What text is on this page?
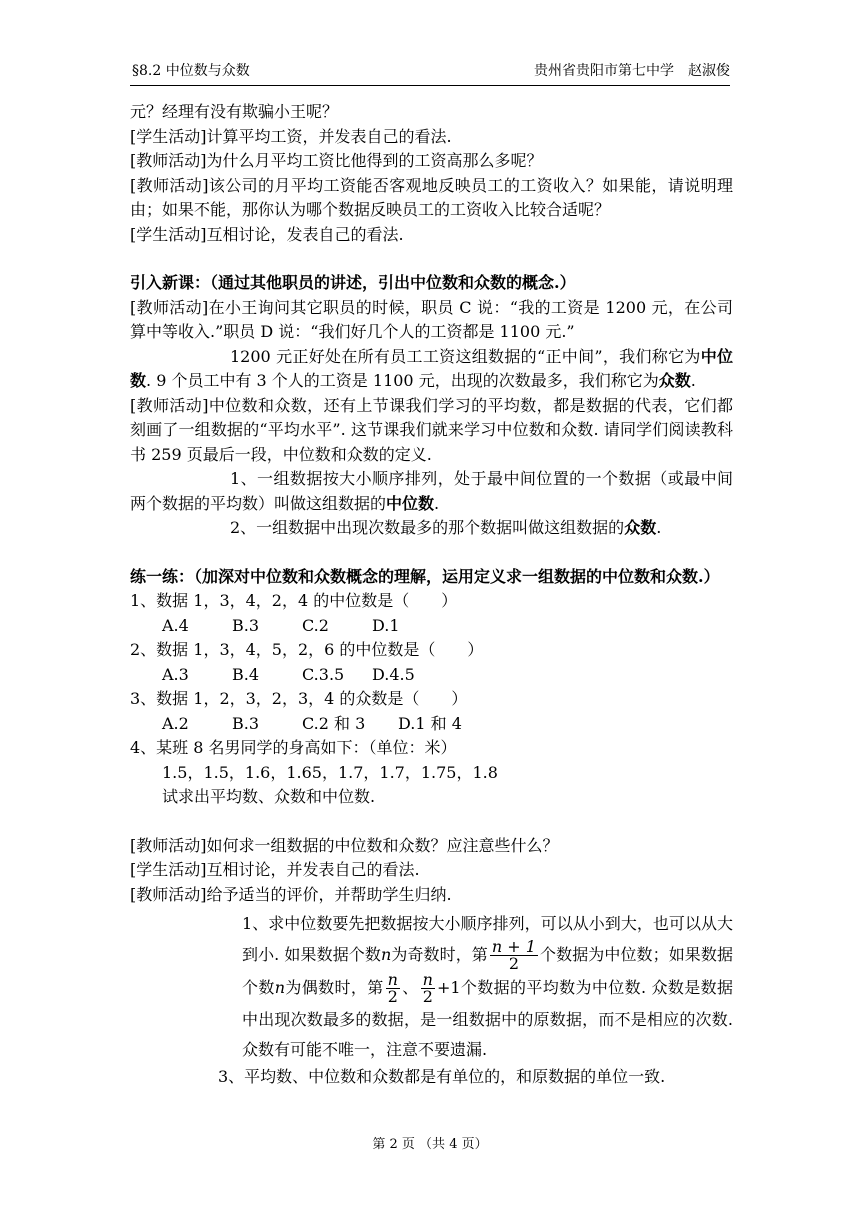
§8.2 中位数与众数	贵州省贵阳市第七中学　赵淑俊

元？经理有没有欺骗小王呢？

[学生活动]计算平均工资，并发表自己的看法.

[教师活动]为什么月平均工资比他得到的工资高那么多呢？

[教师活动]该公司的月平均工资能否客观地反映员工的工资收入？如果能，请说明理由；如果不能，那你认为哪个数据反映员工的工资收入比较合适呢？

[学生活动]互相讨论，发表自己的看法.

引入新课：（通过其他职员的讲述，引出中位数和众数的概念.）

[教师活动]在小王询问其它职员的时候，职员 C 说：“我的工资是 1200 元，在公司算中等收入.”职员 D 说：“我们好几个人的工资都是 1100 元.”

1200 元正好处在所有员工工资这组数据的“正中间”，我们称它为中位数. 9 个员工中有 3 个人的工资是 1100 元，出现的次数最多，我们称它为众数.

[教师活动]中位数和众数，还有上节课我们学习的平均数，都是数据的代表，它们都刻画了一组数据的“平均水平”. 这节课我们就来学习中位数和众数. 请同学们阅读教科书 259 页最后一段，中位数和众数的定义.

1、一组数据按大小顺序排列，处于最中间位置的一个数据（或最中间两个数据的平均数）叫做这组数据的中位数.

2、一组数据中出现次数最多的那个数据叫做这组数据的众数.

练一练：（加深对中位数和众数概念的理解，运用定义求一组数据的中位数和众数.）

1、数据 1，3，4，2，4 的中位数是（　　）

A.4	B.3	C.2	D.1

2、数据 1，3，4，5，2，6 的中位数是（　　）

A.3	B.4	C.3.5 D.4.5

3、数据 1，2，3，2，3，4 的众数是（　　）

A.2	B.3	C.2 和 3 D.1 和 4

4、某班 8 名男同学的身高如下：（单位：米）

1.5，1.5，1.6，1.65，1.7，1.7，1.75，1.8

试求出平均数、众数和中位数.

[教师活动]如何求一组数据的中位数和众数？应注意些什么？

[学生活动]互相讨论，并发表自己的看法.

[教师活动]给予适当的评价，并帮助学生归纳.

1、求中位数要先把数据按大小顺序排列，可以从小到大，也可以从大到小. 如果数据个数n为奇数时，第 $\frac{n + 1}{2}$ 个数据为中位数；如果数据个数n为偶数时，第 $\frac{n}{2}$ 、 $\frac{n}{2} +1$个数据的平均数为中位数. 众数是数据中出现次数最多的数据，是一组数据中的原数据，而不是相应的次数. 众数有可能不唯一，注意不要遗漏.

3、平均数、中位数和众数都是有单位的，和原数据的单位一致.

第 2 页 （共 4 页）
